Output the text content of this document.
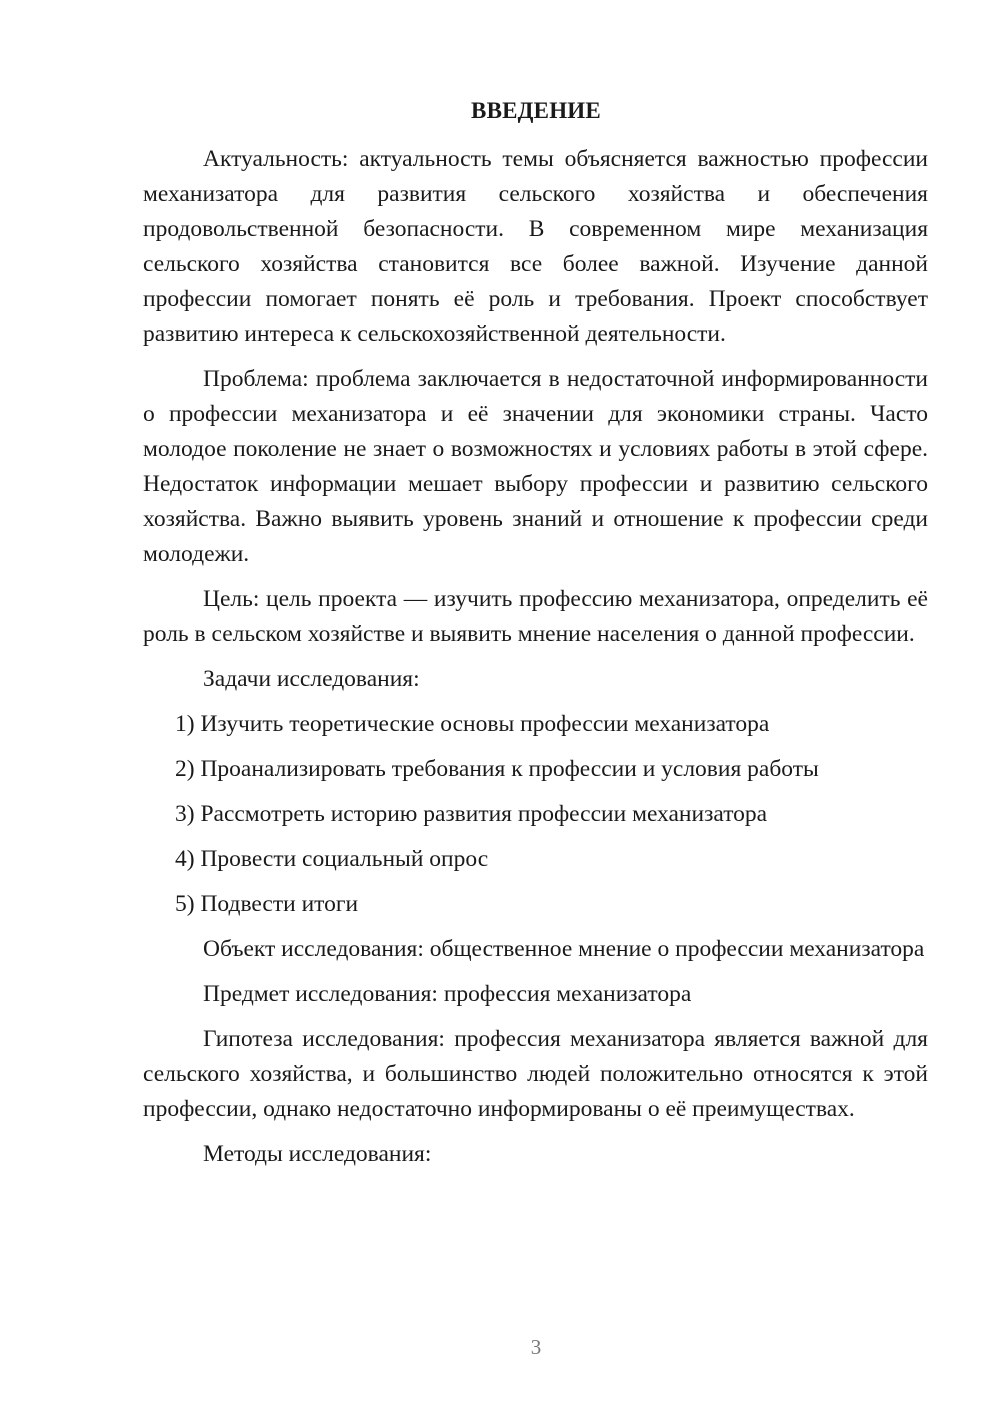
ВВЕДЕНИЕ

Актуальность: актуальность темы объясняется важностью профессии механизатора для развития сельского хозяйства и обеспечения продовольственной безопасности. В современном мире механизация сельского хозяйства становится все более важной. Изучение данной профессии помогает понять её роль и требования. Проект способствует развитию интереса к сельскохозяйственной деятельности.

Проблема: проблема заключается в недостаточной информированности о профессии механизатора и её значении для экономики страны. Часто молодое поколение не знает о возможностях и условиях работы в этой сфере. Недостаток информации мешает выбору профессии и развитию сельского хозяйства. Важно выявить уровень знаний и отношение к профессии среди молодежи.

Цель: цель проекта — изучить профессию механизатора, определить её роль в сельском хозяйстве и выявить мнение населения о данной профессии.

Задачи исследования:

1) Изучить теоретические основы профессии механизатора
2) Проанализировать требования к профессии и условия работы
3) Рассмотреть историю развития профессии механизатора
4) Провести социальный опрос
5) Подвести итоги

Объект исследования: общественное мнение о профессии механизатора

Предмет исследования: профессия механизатора

Гипотеза исследования: профессия механизатора является важной для сельского хозяйства, и большинство людей положительно относятся к этой профессии, однако недостаточно информированы о её преимуществах.

Методы исследования:

3
